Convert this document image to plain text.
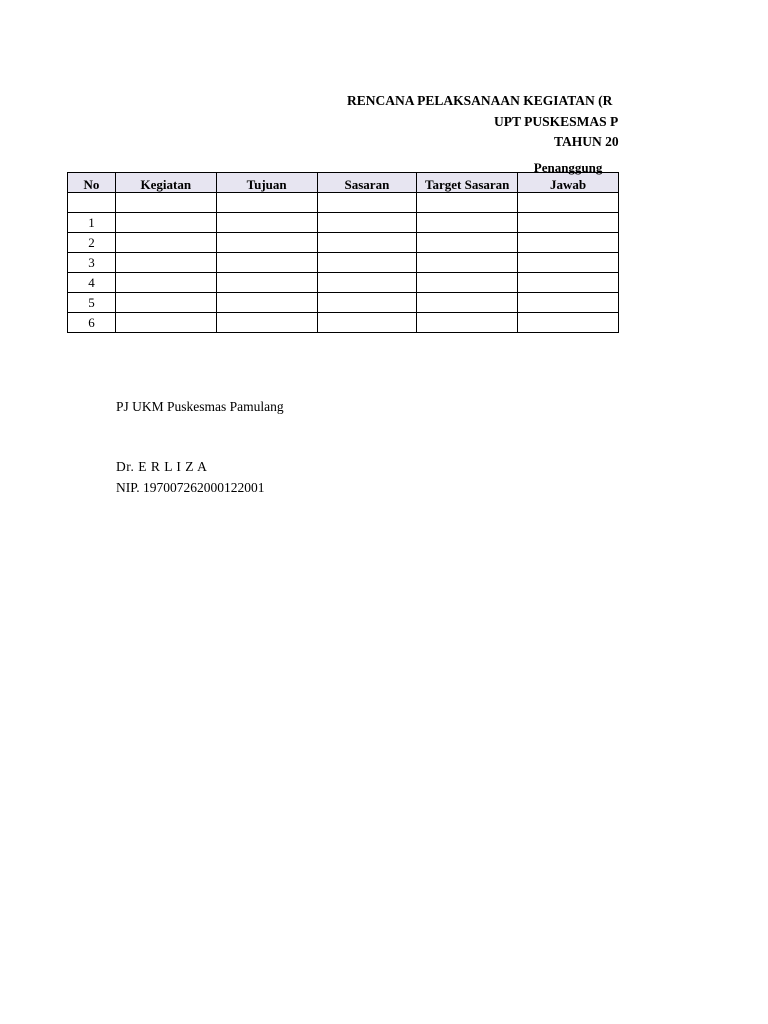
RENCANA PELAKSANAAN KEGIATAN (R
UPT PUSKESMAS P
TAHUN 20
No	Kegiatan	Tujuan	Sasaran	Target Sasaran	Penanggung
Jawab

1					
2					
3					
4					
5					
6					
PJ UKM Puskesmas Pamulang
Dr. E R L I Z A
NIP. 197007262000122001
